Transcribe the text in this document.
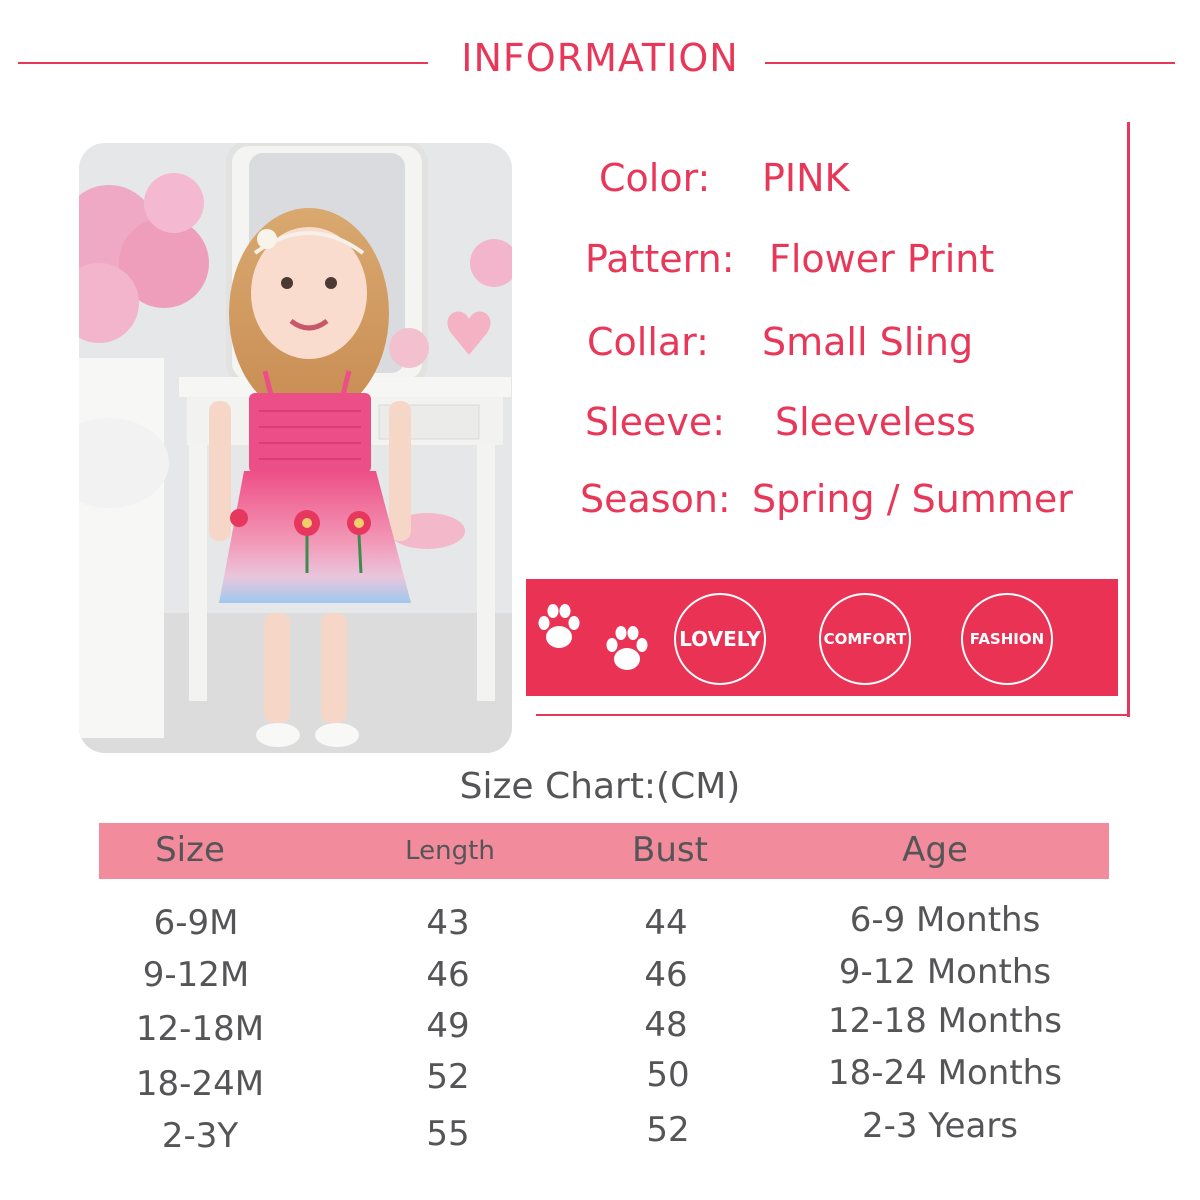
INFORMATION
Color: PINK
Pattern: Flower Print
Collar: Small Sling
Sleeve: Sleeveless
Season: Spring / Summer
LOVELY	COMFORT	FASHION
Size Chart:(CM)
Size	Length	Bust	Age
6-9M	43	44	6-9 Months
9-12M	46	46	9-12 Months
12-18M	49	48	12-18 Months
18-24M	52	50	18-24 Months
2-3Y	55	52	2-3 Years
